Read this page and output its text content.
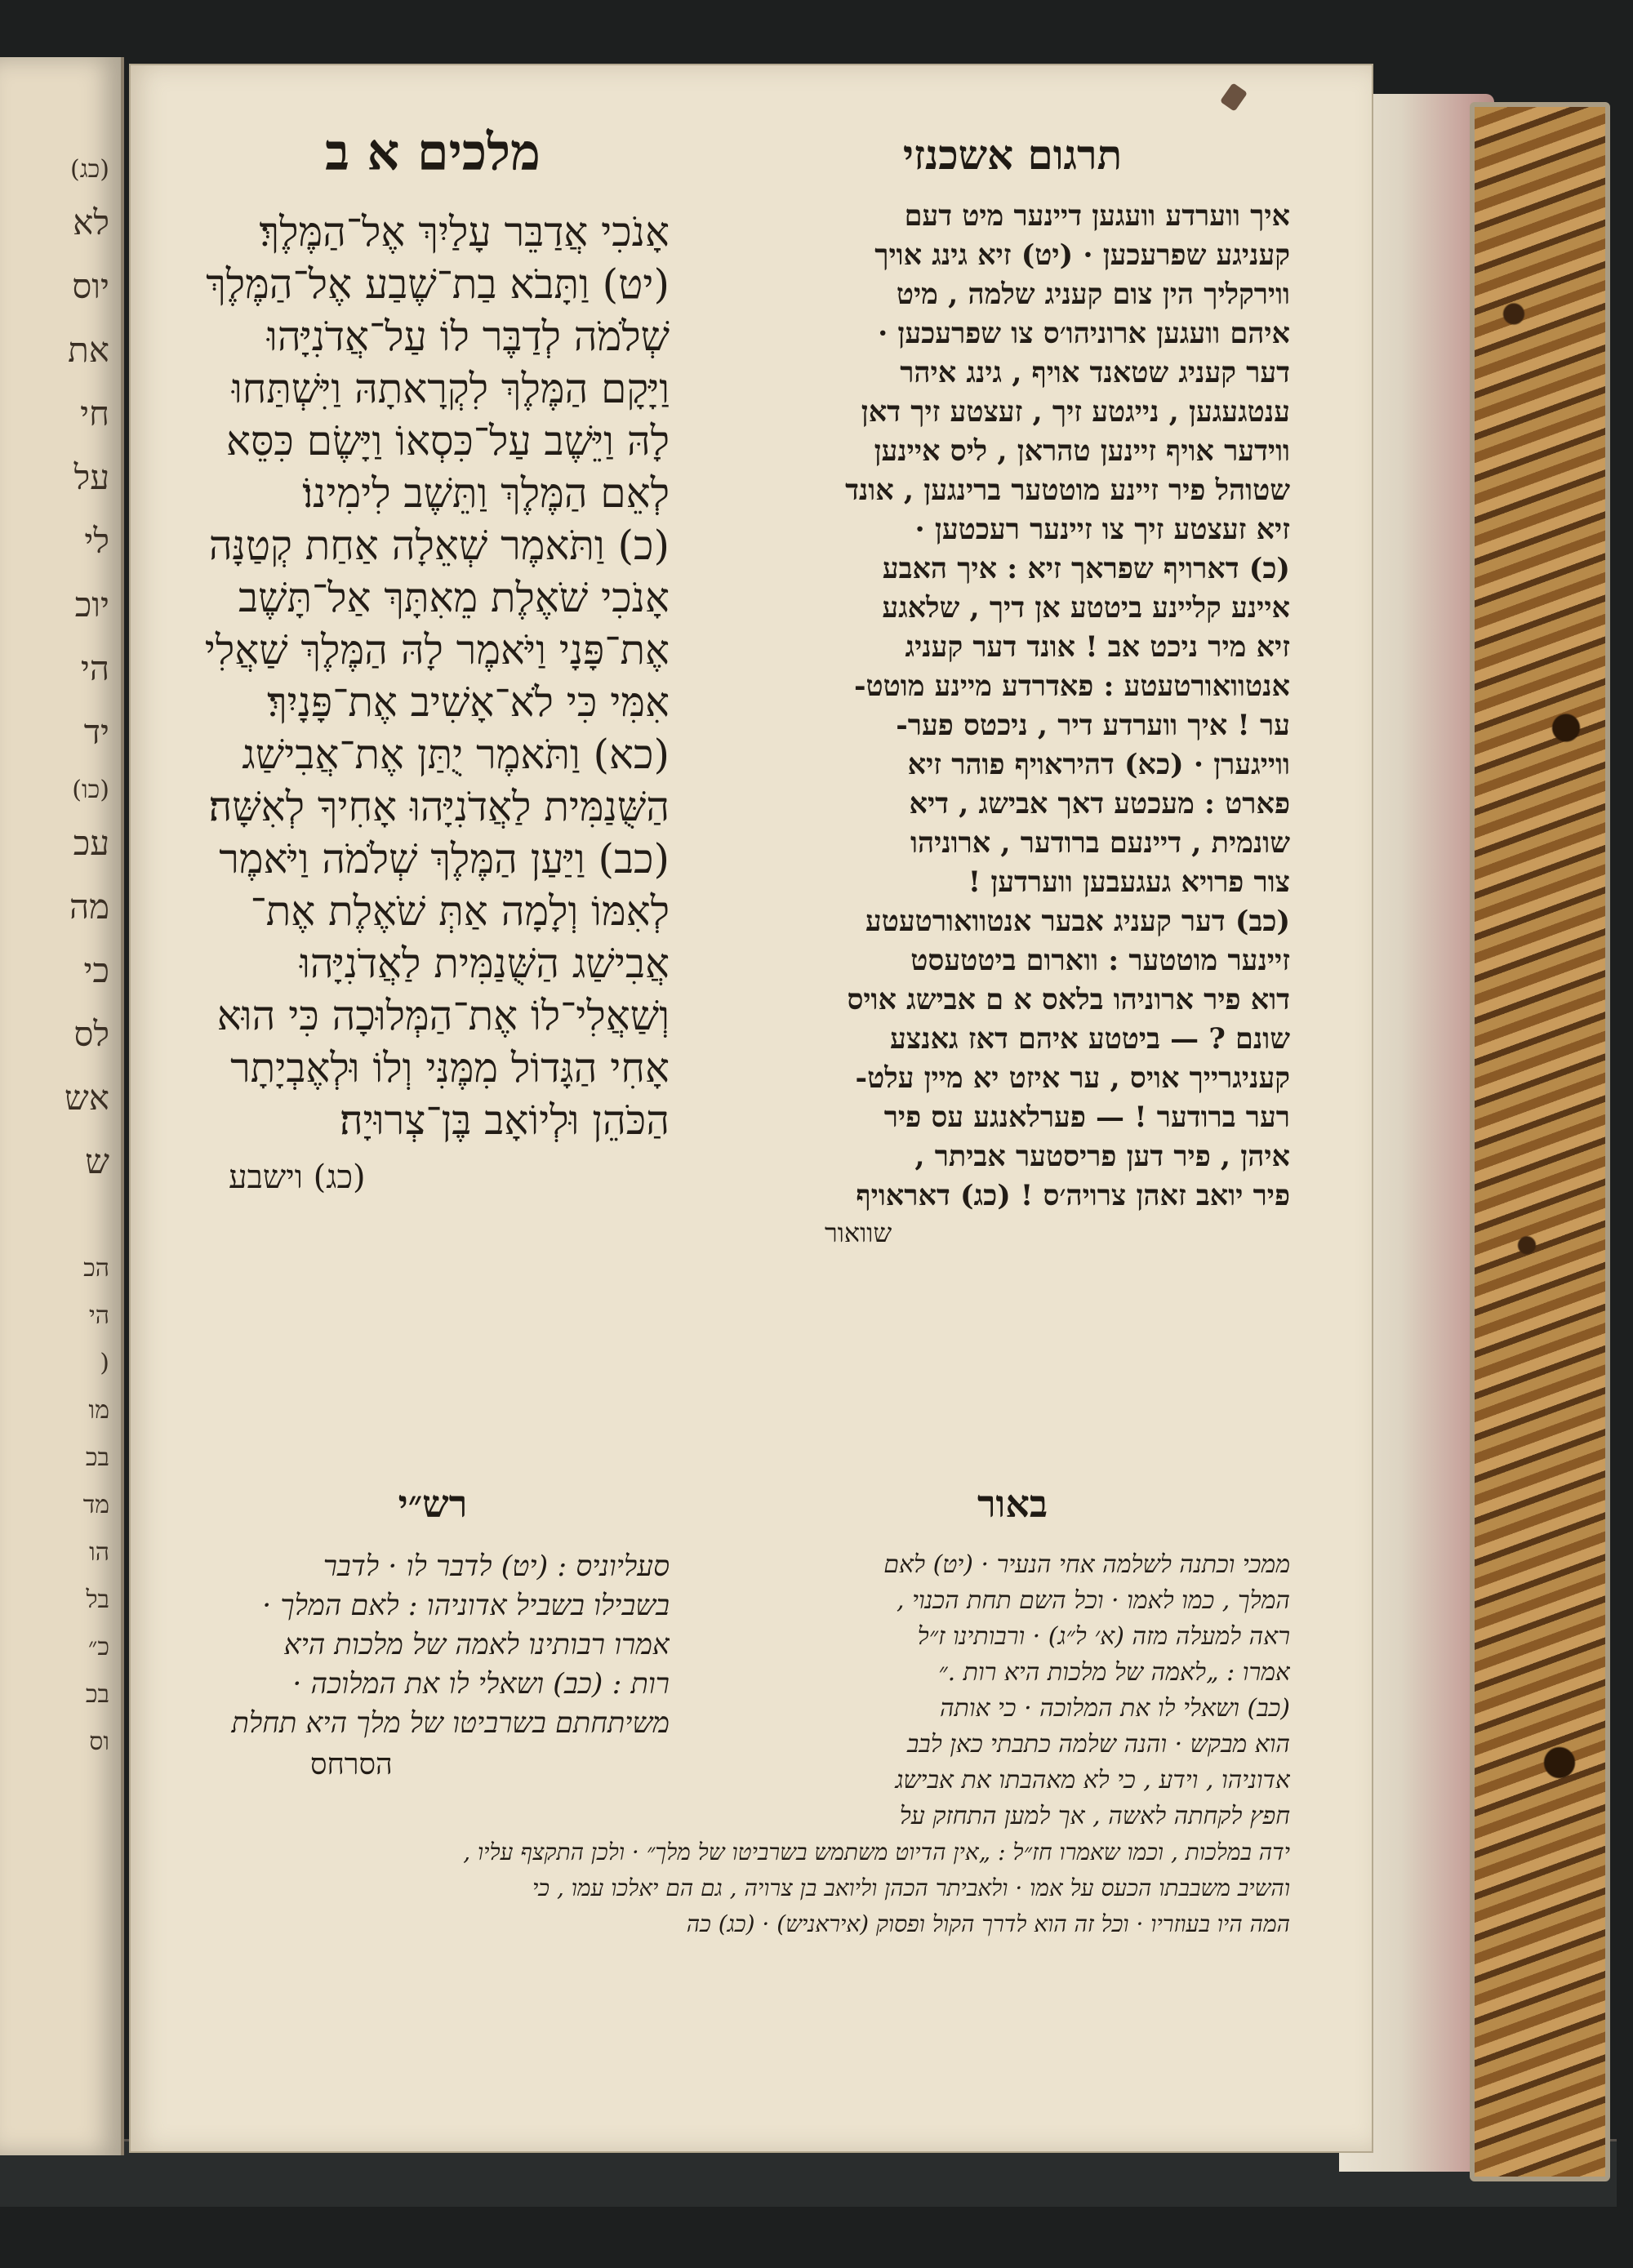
(כג)
לא
יוס
את
חי
על
לי
יוכ
הי
יד
(כו)
עכ
מה
כי
לס
אש
ש
הכ
הי
(
מו
בכ
מד
הו
בל
כ״
בכ
וס
מלכים א ב
אָנֹכִי אֲדַבֵּר עָלַיִךְ אֶל־הַמֶּלֶךְ׃
(יט) וַתָּבֹא בַת־שֶׁבַע אֶל־הַמֶּלֶךְ
שְׁלֹמֹה לְדַבֶּר לוֹ עַל־אֲדֹנִיָּהוּ
וַיָּקָם הַמֶּלֶךְ לִקְרָאתָהּ וַיִּשְׁתַּחוּ
לָהּ וַיֵּשֶׁב עַל־כִּסְאוֹ וַיָּשֶׂם כִּסֵּא
לְאֵם הַמֶּלֶךְ וַתֵּשֶׁב לִימִינוֹ׃
(כ) וַתֹּאמֶר שְׁאֵלָה אַחַת קְטַנָּה
אָנֹכִי שֹׁאֶלֶת מֵאִתָּךְ אַל־תָּשֶׁב
אֶת־פָּנָי וַיֹּאמֶר לָהּ הַמֶּלֶךְ שַׁאֲלִי
אִמִּי כִּי לֹא־אָשִׁיב אֶת־פָּנָיִךְ׃
(כא) וַתֹּאמֶר יֻתַּן אֶת־אֲבִישַׁג
הַשֻּׁנַמִּית לַאֲדֹנִיָּהוּ אָחִיךָ לְאִשָּׁה׃
(כב) וַיַּעַן הַמֶּלֶךְ שְׁלֹמֹה וַיֹּאמֶר
לְאִמּוֹ וְלָמָה אַתְּ שֹׁאֶלֶת אֶת־
אֲבִישַׁג הַשֻּׁנַמִּית לַאֲדֹנִיָּהוּ
וְשַׁאֲלִי־לוֹ אֶת־הַמְּלוּכָה כִּי הוּא
אָחִי הַגָּדוֹל מִמֶּנִּי וְלוֹ וּלְאֶבְיָתָר
הַכֹּהֵן וּלְיוֹאָב בֶּן־צְרוּיָה׃
(כג) וישבע
תרגום אשכנזי
איך ווערדע וועגען דיינער מיט דעם
קעניגע שפרעכען · (יט) זיא גינג אויך
ווירקליך הין צום קעניג שלמה , מיט
איהם וועגען ארוניהו׳ס צו שפרעכען ·
דער קעניג שטאנד אויף , גינג איהר
ענטגעגען , נייגטע זיך , זעצטע זיך דאן
ווידער אויף זיינען טהראן , ליס איינען
שטוהל פיר זיינע מוטטער ברינגען , אונד
זיא זעצטע זיך צו זיינער רעכטען ·
(כ) דארויף שפראך זיא : איך האבע
איינע קליינע ביטטע אן דיך , שלאגע
זיא מיר ניכט אב ! אונד דער קעניג
אנטוואורטעטע : פאדרדע מיינע מוטט-
ער ! איך ווערדע דיר , ניכטס פער-
ווייגערן · (כא) דהיראויף פוהר זיא
פארט : מעכטע דאך אבישג , דיא
שונמית , דיינעם ברודער , ארוניהו
צור פרויא געגעבען ווערדען !
(כב) דער קעניג אבער אנטוואורטעטע
זיינער מוטטער : ווארום ביטטעסט
דוא פיר ארוניהו בלאס א ם אבישג אויס
שונם ? — ביטטע איהם דאז גאנצע
קעניגרייך אויס , ער איזט יא מיין עלט-
רער ברודער ! — פערלאנגע עס פיר
איהן , פיר דען פריסטער אביתר ,
פיר יואב זאהן צרויה׳ס ! (כג) דאראויף
שוואור
רש״י
סעליוניס : (יט) לדבר לו · לדבר
בשבילו בשביל אדוניהו : לאם המלך ·
אמרו רבותינו לאמה של מלכות היא
רות : (כב) ושאלי לו את המלוכה ·
משיתחתם בשרביטו של מלך היא תחלת
הסרחס
באור
ממכי וכתנה לשלמה אחי הנעיר · (יט) לאם
המלך , כמו לאמו · וכל השם תחת הכנוי ,
ראה למעלה מזה (א׳ ל״ג) · ורבותינו ז״ל
אמרו : „לאמה של מלכות היא רות .״
(כב) ושאלי לו את המלוכה · כי אותה
הוא מבקש · והנה שלמה כתבתי כאן לבב
אדוניהו , וידע , כי לא מאהבתו את אבישג
חפץ לקחתה לאשה , אך למען התחזק על
ידה במלכות , וכמו שאמרו חז״ל : „אין הדיוט משתמש בשרביטו של מלך״ · ולכן התקצף עליו ,
והשיב משבבתו הכעס על אמו · ולאביתר הכהן וליואב בן צרויה , גם הם יאלכו עמו , כי
המה היו בעוזריו · וכל זה הוא לדרך הקול ופסוק (איראניש) · (כג) כה
